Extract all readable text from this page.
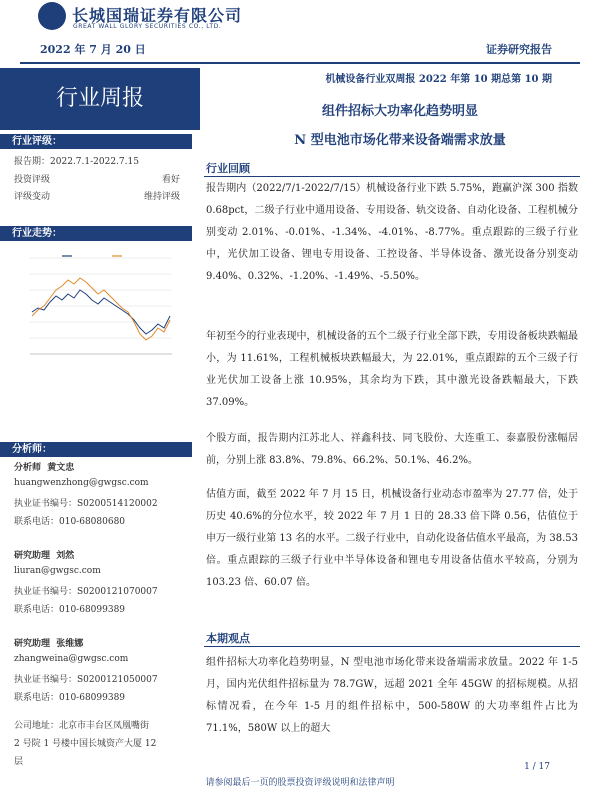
长城国瑞证券有限公司
GREAT WALL GLORY SECURITIES CO., LTD.
2022 年 7 月 20 日	证券研究报告
机械设备行业双周报 2022 年第 10 期总第 10 期
行业周报
行业评级：
报告期：2022.7.1-2022.7.15
投资评级	看好
评级变动	维持评级
行业走势：
分析师：
分析师 黄文忠
huangwenzhong@gwgsc.com
执业证书编号：S0200514120002
联系电话：010-68080680
研究助理 刘然
liuran@gwgsc.com
执业证书编号：S0200121070007
联系电话：010-68099389
研究助理 张维娜
zhangweina@gwgsc.com
执业证书编号：S0200121050007
联系电话：010-68099389
公司地址：北京市丰台区凤凰嘴街
2 号院 1 号楼中国长城资产大厦 12
层
组件招标大功率化趋势明显
N 型电池市场化带来设备端需求放量
行业回顾
报告期内（2022/7/1-2022/7/15）机械设备行业下跌 5.75%，跑赢沪深 300 指数 0.68pct，二级子行业中通用设备、专用设备、轨交设备、自动化设备、工程机械分别变动 2.01%、-0.01%、-1.34%、-4.01%、-8.77%。重点跟踪的三级子行业中，光伏加工设备、锂电专用设备、工控设备、半导体设备、激光设备分别变动 9.40%、0.32%、-1.20%、-1.49%、-5.50%。
年初至今的行业表现中，机械设备的五个二级子行业全部下跌，专用设备板块跌幅最小，为 11.61%，工程机械板块跌幅最大，为 22.01%，重点跟踪的五个三级子行业光伏加工设备上涨 10.95%，其余均为下跌，其中激光设备跌幅最大，下跌 37.09%。
个股方面，报告期内江苏北人、祥鑫科技、同飞股份、大连重工、泰嘉股份涨幅居前，分别上涨 83.8%、79.8%、66.2%、50.1%、46.2%。
估值方面，截至 2022 年 7 月 15 日，机械设备行业动态市盈率为 27.77 倍，处于历史 40.6%的分位水平，较 2022 年 7 月 1 日的 28.33 倍下降 0.56，估值位于申万一级行业第 13 名的水平。二级子行业中，自动化设备估值水平最高，为 38.53 倍。重点跟踪的三级子行业中半导体设备和锂电专用设备估值水平较高，分别为 103.23 倍、60.07 倍。
本期观点
组件招标大功率化趋势明显，N 型电池市场化带来设备端需求放量。2022 年 1-5 月，国内光伏组件招标量为 78.7GW，远超 2021 全年 45GW 的招标规模。从招标情况看，在今年 1-5 月的组件招标中，500-580W 的大功率组件占比为 71.1%，580W 以上的超大
1 / 17
请参阅最后一页的股票投资评级说明和法律声明
